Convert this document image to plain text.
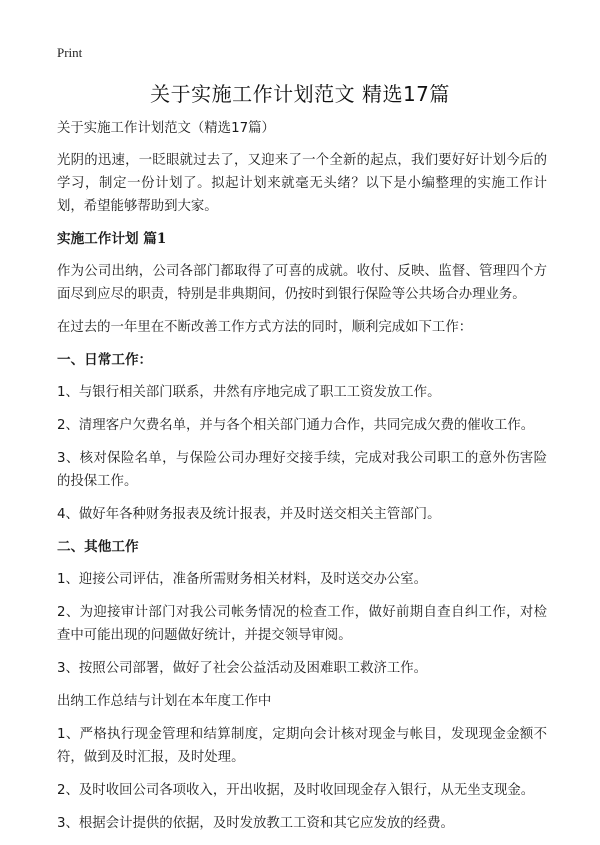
Print
关于实施工作计划范文 精选17篇

关于实施工作计划范文（精选17篇）

光阴的迅速，一眨眼就过去了，又迎来了一个全新的起点，我们要好好计划今后的学习，制定一份计划了。拟起计划来就毫无头绪？以下是小编整理的实施工作计划，希望能够帮助到大家。

实施工作计划 篇1

作为公司出纳，公司各部门都取得了可喜的成就。收付、反映、监督、管理四个方面尽到应尽的职责，特别是非典期间，仍按时到银行保险等公共场合办理业务。

在过去的一年里在不断改善工作方式方法的同时，顺利完成如下工作：

一、日常工作：

1、与银行相关部门联系，井然有序地完成了职工工资发放工作。

2、清理客户欠费名单，并与各个相关部门通力合作，共同完成欠费的催收工作。

3、核对保险名单，与保险公司办理好交接手续，完成对我公司职工的意外伤害险的投保工作。

4、做好年各种财务报表及统计报表，并及时送交相关主管部门。

二、其他工作

1、迎接公司评估，准备所需财务相关材料，及时送交办公室。

2、为迎接审计部门对我公司帐务情况的检查工作，做好前期自查自纠工作，对检查中可能出现的问题做好统计，并提交领导审阅。

3、按照公司部署，做好了社会公益活动及困难职工救济工作。

出纳工作总结与计划在本年度工作中

1、严格执行现金管理和结算制度，定期向会计核对现金与帐目，发现现金金额不符，做到及时汇报，及时处理。

2、及时收回公司各项收入，开出收据，及时收回现金存入银行，从无坐支现金。

3、根据会计提供的依据，及时发放教工工资和其它应发放的经费。
